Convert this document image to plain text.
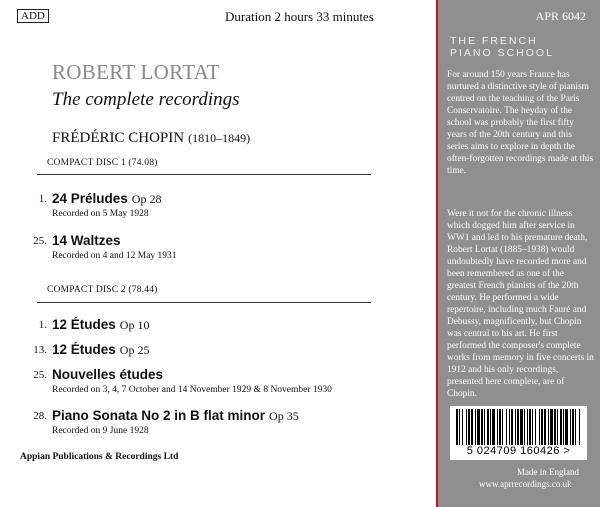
ADD	Duration 2 hours 33 minutes
ROBERT LORTAT
The complete recordings
FRÉDÉRIC CHOPIN (1810–1849)
COMPACT DISC 1 (74.08)
1. 24 Préludes Op 28
Recorded on 5 May 1928
25. 14 Waltzes
Recorded on 4 and 12 May 1931
COMPACT DISC 2 (78.44)
1. 12 Études Op 10
13. 12 Études Op 25
25. Nouvelles études
Recorded on 3, 4, 7 October and 14 November 1929 & 8 November 1930
28. Piano Sonata No 2 in B flat minor Op 35
Recorded on 9 June 1928
Appian Publications & Recordings Ltd
APR 6042
THE FRENCH
PIANO SCHOOL
For around 150 years France has nurtured a distinctive style of pianism centred on the teaching of the Paris Conservatoire. The heyday of the school was probably the first fifty years of the 20th century and this series aims to explore in depth the often-forgotten recordings made at this time.
Were it not for the chronic illness which dogged him after service in WW1 and led to his premature death, Robert Lortat (1885–1938) would undoubtedly have recorded more and been remembered as one of the greatest French pianists of the 20th century. He performed a wide repertoire, including much Fauré and Debussy, magnificently, but Chopin was central to his art. He first performed the composer's complete works from memory in five concerts in 1912 and his only recordings, presented here complete, are of Chopin.
5 024709 160426 >
Made in England
www.aprrecordings.co.uk
